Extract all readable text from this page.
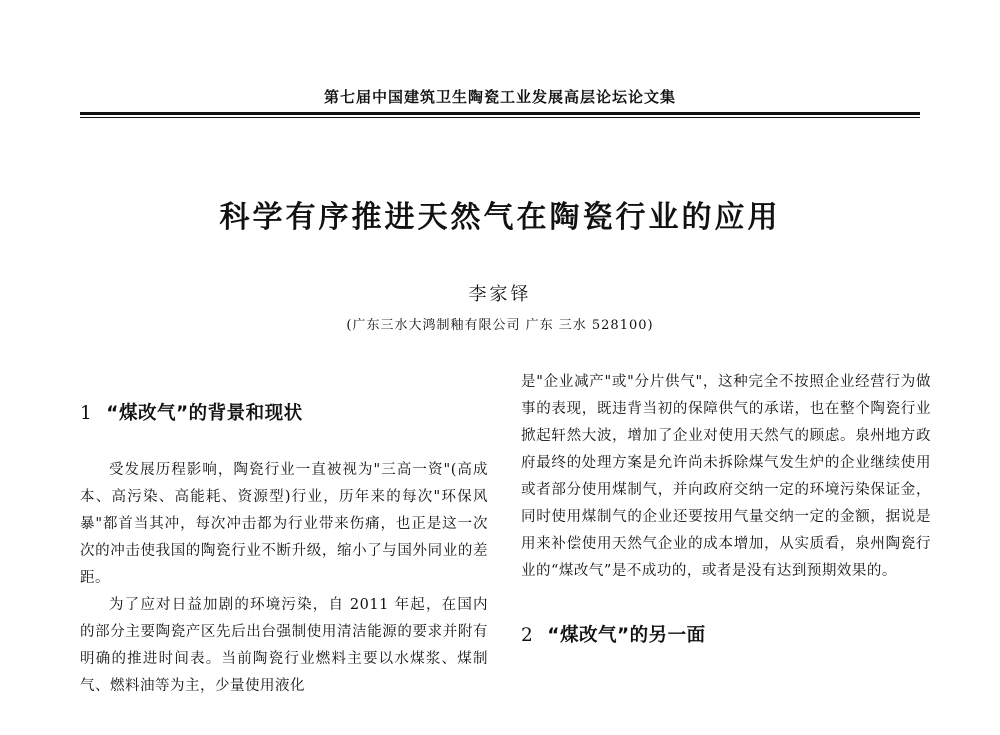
第七届中国建筑卫生陶瓷工业发展高层论坛论文集
科学有序推进天然气在陶瓷行业的应用
李家铎
(广东三水大鸿制釉有限公司 广东 三水 528100)
1 “煤改气”的背景和现状

受发展历程影响，陶瓷行业一直被视为"三高一资"(高成本、高污染、高能耗、资源型)行业，历年来的每次"环保风暴"都首当其冲，每次冲击都为行业带来伤痛，也正是这一次次的冲击使我国的陶瓷行业不断升级，缩小了与国外同业的差距。

为了应对日益加剧的环境污染，自 2011 年起，在国内的部分主要陶瓷产区先后出台强制使用清洁能源的要求并附有明确的推进时间表。当前陶瓷行业燃料主要以水煤浆、煤制气、燃料油等为主，少量使用液化

是"企业减产"或"分片供气"，这种完全不按照企业经营行为做事的表现，既违背当初的保障供气的承诺，也在整个陶瓷行业掀起轩然大波，增加了企业对使用天然气的顾虑。泉州地方政府最终的处理方案是允许尚未拆除煤气发生炉的企业继续使用或者部分使用煤制气，并向政府交纳一定的环境污染保证金，同时使用煤制气的企业还要按用气量交纳一定的金额，据说是用来补偿使用天然气企业的成本增加，从实质看，泉州陶瓷行业的“煤改气”是不成功的，或者是没有达到预期效果的。

2 “煤改气”的另一面
